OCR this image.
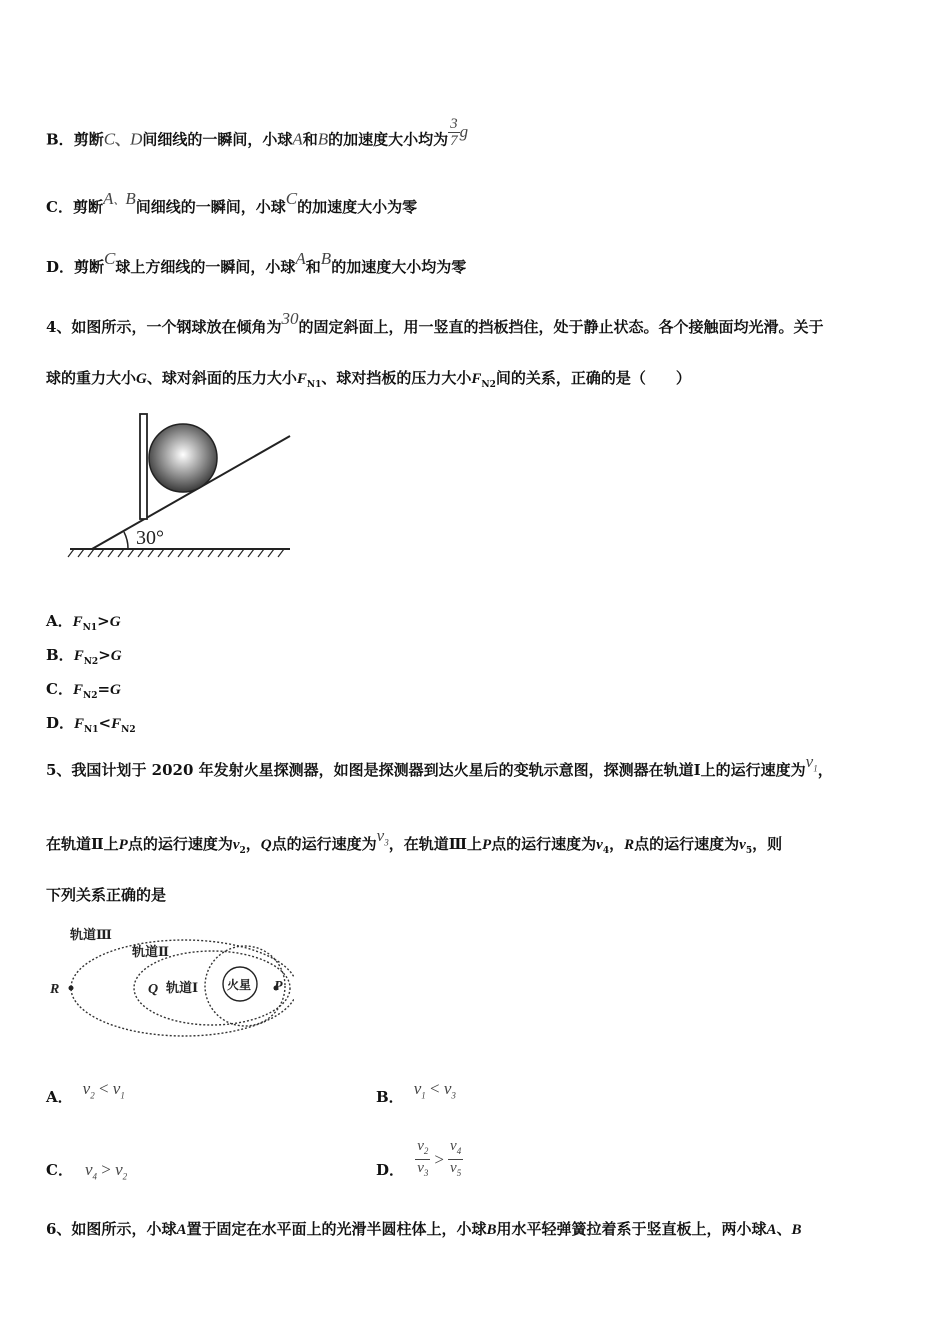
B．剪断C、D间细线的一瞬间，小球A和B的加速度大小均为 $\frac{3}{7}$ g
C．剪断A、B间细线的一瞬间，小球C的加速度大小为零
D．剪断C球上方细线的一瞬间，小球A和B的加速度大小均为零
4、如图所示，一个钢球放在倾角为30的固定斜面上，用一竖直的挡板挡住，处于静止状态。各个接触面均光滑。关于
球的重力大小G、球对斜面的压力大小$F_{N1}$、球对挡板的压力大小$F_{N2}$间的关系，正确的是（　　）
30°
A．$F_{N1}>G$
B．$F_{N2}>G$
C．$F_{N2}=G$
D．$F_{N1}<F_{N2}$
5、我国计划于 2020 年发射火星探测器，如图是探测器到达火星后的变轨示意图，探测器在轨道Ⅰ上的运行速度为$v_1$，
在轨道Ⅱ上P点的运行速度为$v_2$，Q点的运行速度为$v_3$，在轨道Ⅲ上P点的运行速度为$v_4$，R点的运行速度为$v_5$，则
下列关系正确的是
轨道Ⅲ
轨道Ⅱ
轨道Ⅰ 火星
R	Q	P
A． $v_2 < v_1$	B． $v_1 < v_3$
C． $v_4 > v_2$	D． $\frac{v_2}{v_3} > \frac{v_4}{v_5}$
6、如图所示，小球A置于固定在水平面上的光滑半圆柱体上，小球B用水平轻弹簧拉着系于竖直板上，两小球A、B
